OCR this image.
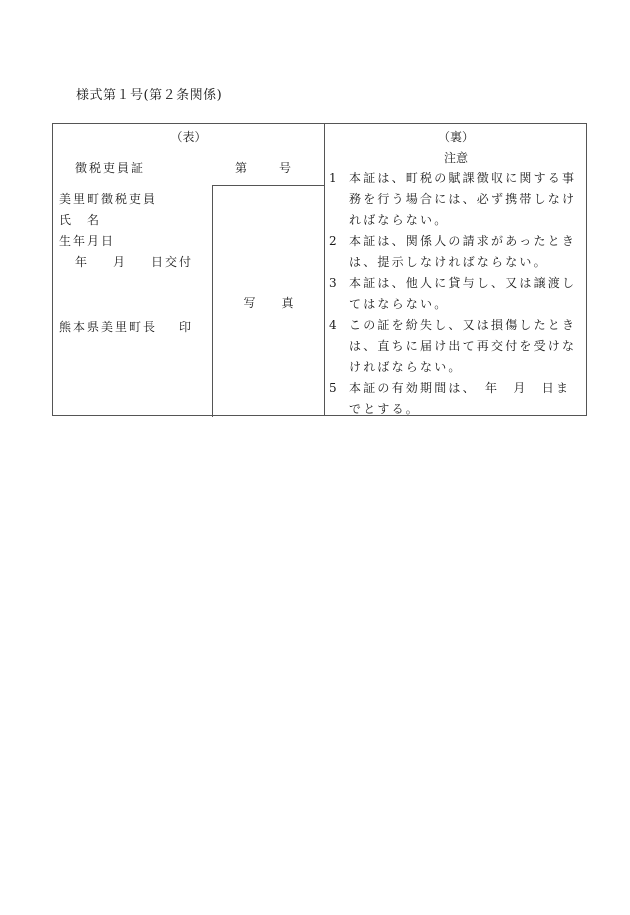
様式第１号(第２条関係)
（表）
徴税吏員証	第	号
美里町徴税吏員
氏 名
生年月日
年 月 日交付
熊本県美里町長 印
写 真
（裏）
注意
1 本証は、町税の賦課徴収に関する事務を行う場合には、必ず携帯しなければならない。
2 本証は、関係人の請求があったときは、提示しなければならない。
3 本証は、他人に貸与し、又は譲渡してはならない。
4 この証を紛失し、又は損傷したときは、直ちに届け出て再交付を受けなければならない。
5 本証の有効期間は、　年　月　日までとする。
